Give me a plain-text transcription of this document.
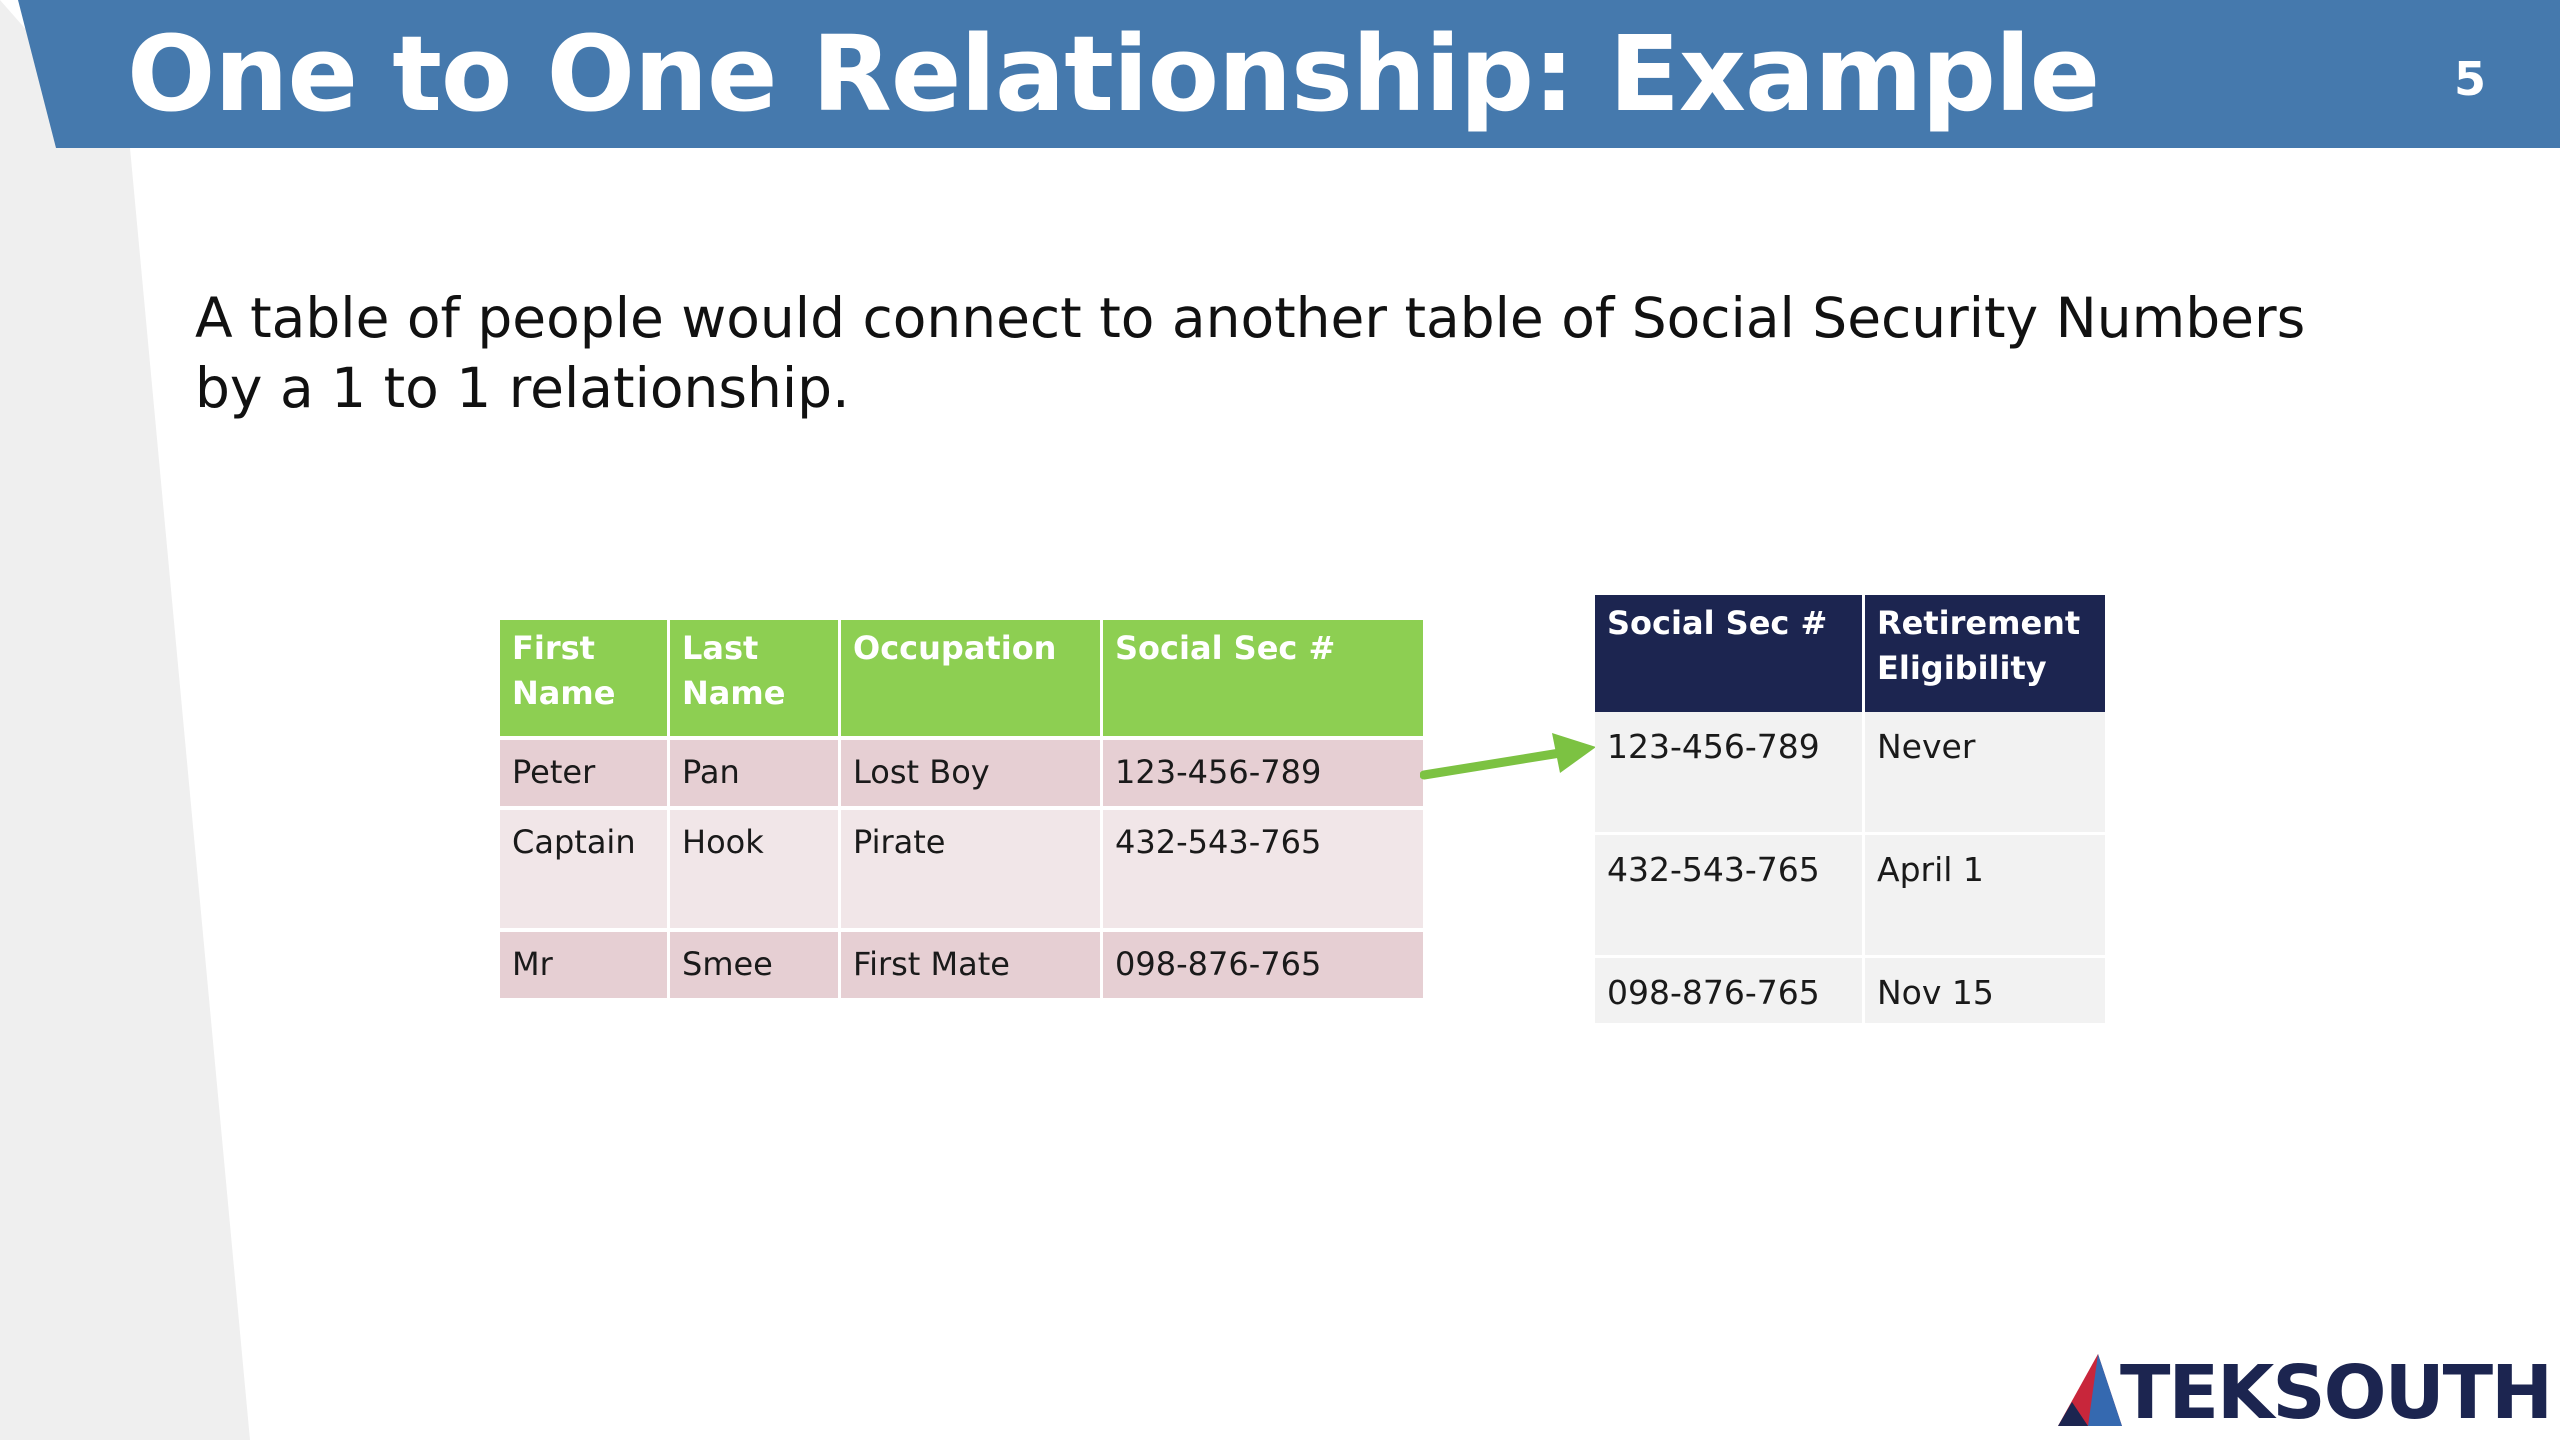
One to One Relationship: Example	5
A table of people would connect to another table of Social Security Numbers by a 1 to 1 relationship.
First Name	Last Name	Occupation	Social Sec #
Peter	Pan	Lost Boy	123-456-789
Captain	Hook	Pirate	432-543-765
Mr	Smee	First Mate	098-876-765
Social Sec #	Retirement Eligibility
123-456-789	Never
432-543-765	April 1
098-876-765	Nov 15
TEKSOUTH
